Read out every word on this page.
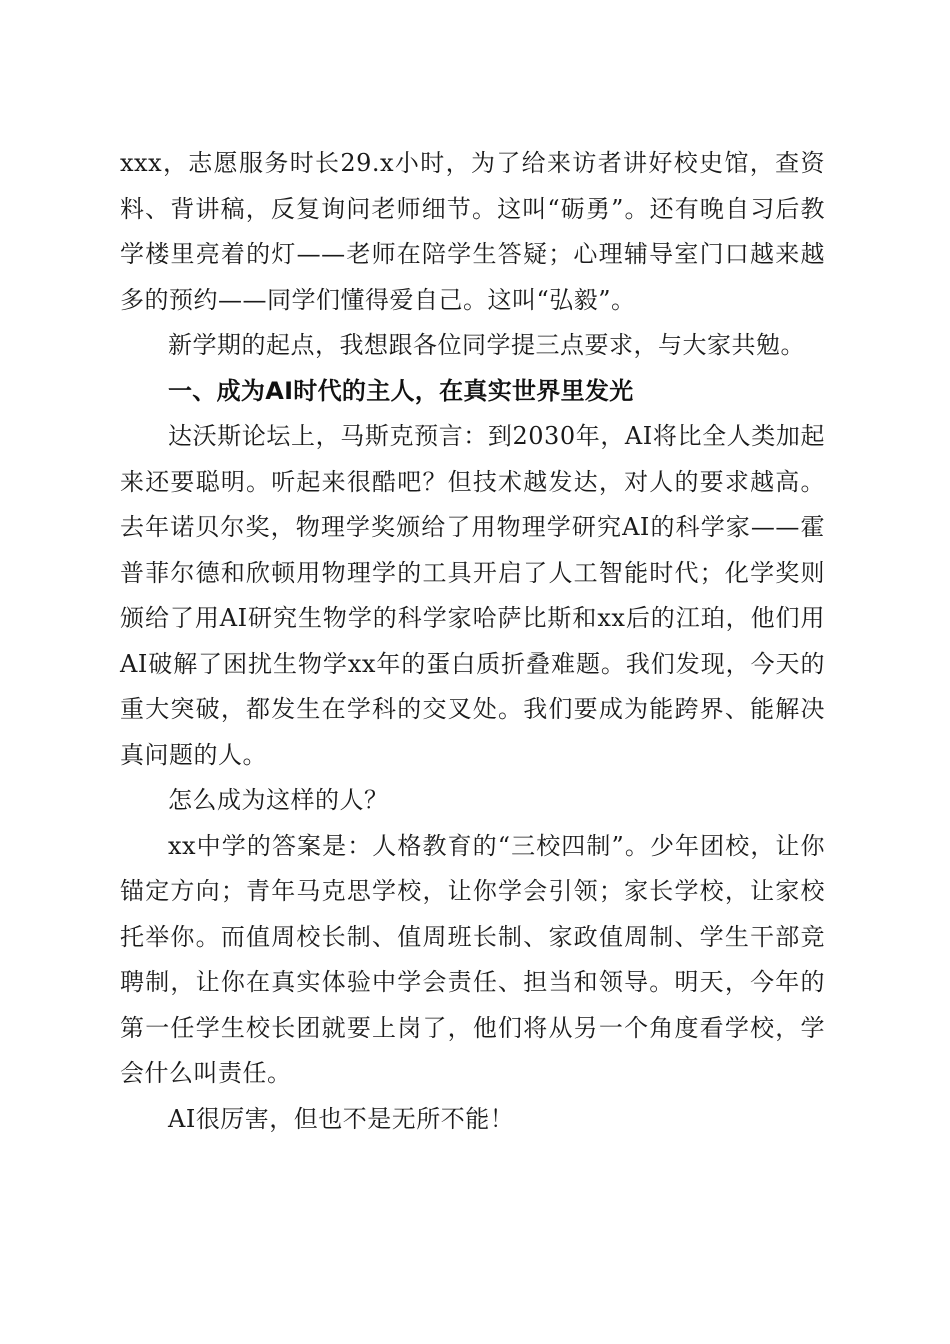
xxx，志愿服务时长29.x小时，为了给来访者讲好校史馆，查资料、背讲稿，反复询问老师细节。这叫“砺勇”。还有晚自习后教学楼里亮着的灯——老师在陪学生答疑；心理辅导室门口越来越多的预约——同学们懂得爱自己。这叫“弘毅”。

新学期的起点，我想跟各位同学提三点要求，与大家共勉。

一、成为AI时代的主人，在真实世界里发光

达沃斯论坛上，马斯克预言：到2030年，AI将比全人类加起来还要聪明。听起来很酷吧？但技术越发达，对人的要求越高。去年诺贝尔奖，物理学奖颁给了用物理学研究AI的科学家——霍普菲尔德和欣顿用物理学的工具开启了人工智能时代；化学奖则颁给了用AI研究生物学的科学家哈萨比斯和xx后的江珀，他们用AI破解了困扰生物学xx年的蛋白质折叠难题。我们发现，今天的重大突破，都发生在学科的交叉处。我们要成为能跨界、能解决真问题的人。

怎么成为这样的人？

xx中学的答案是：人格教育的“三校四制”。少年团校，让你锚定方向；青年马克思学校，让你学会引领；家长学校，让家校托举你。而值周校长制、值周班长制、家政值周制、学生干部竞聘制，让你在真实体验中学会责任、担当和领导。明天，今年的第一任学生校长团就要上岗了，他们将从另一个角度看学校，学会什么叫责任。

AI很厉害，但也不是无所不能！
